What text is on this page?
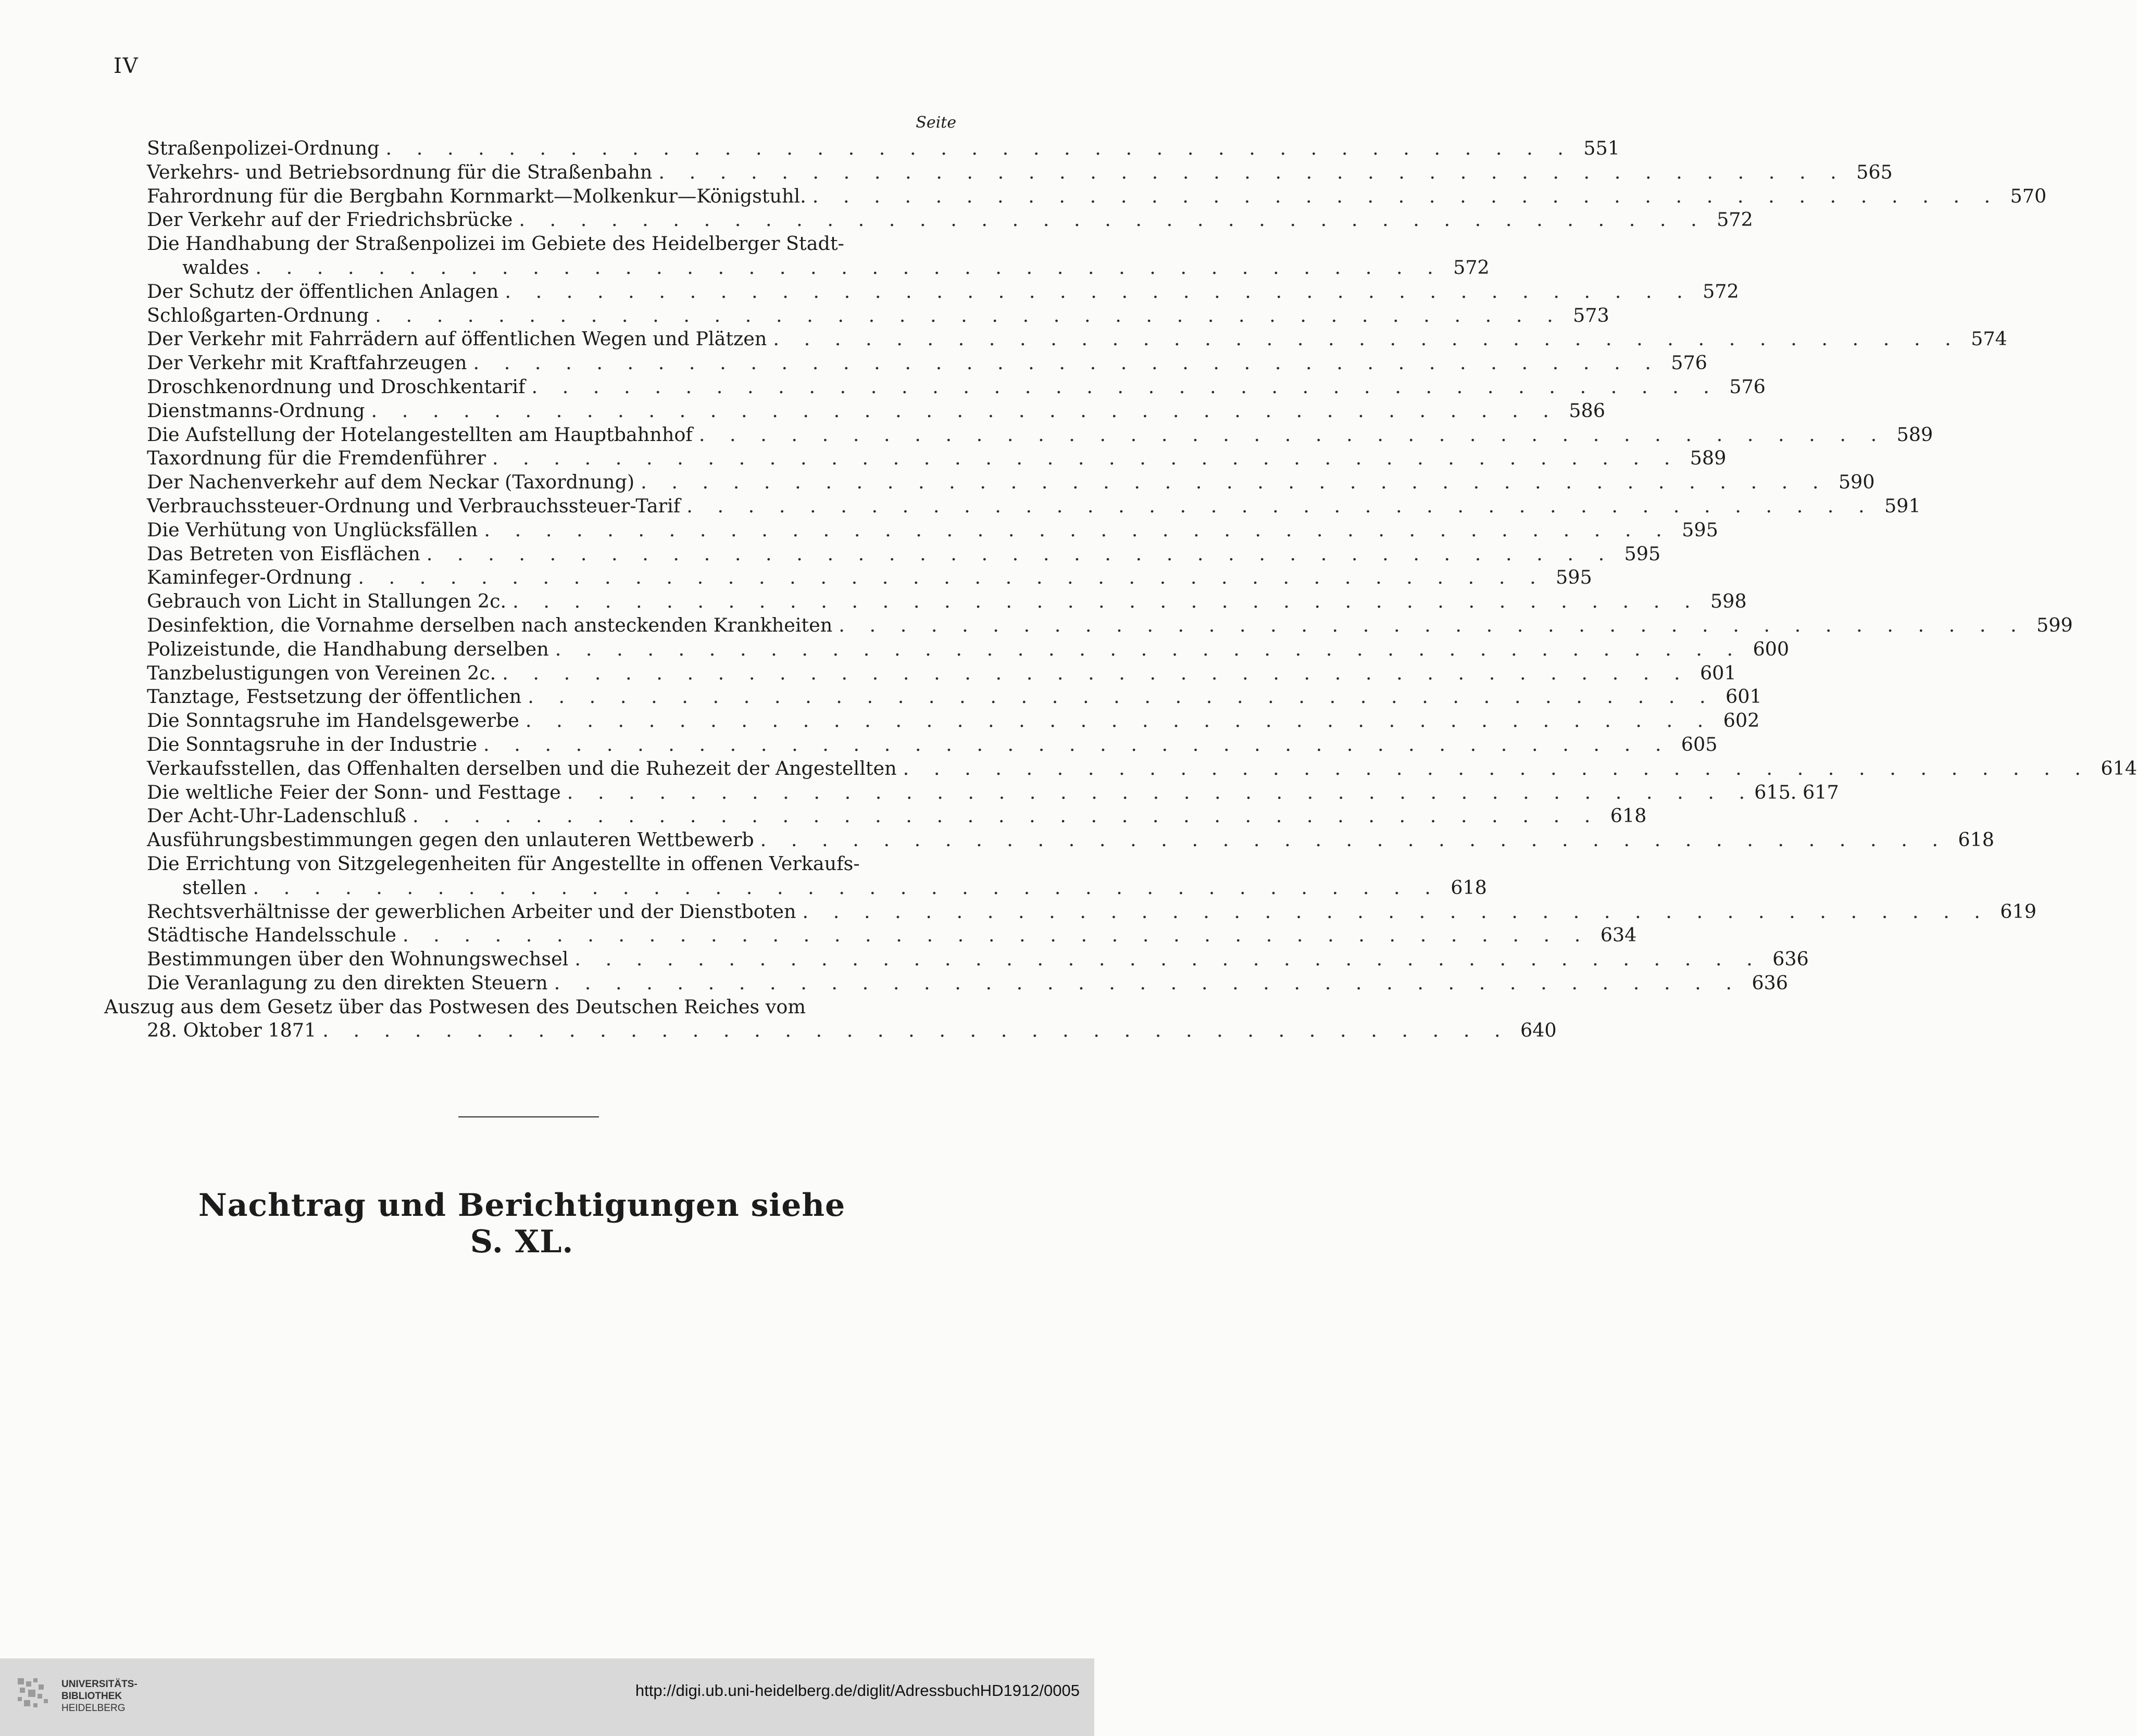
IV
Seite
Straßenpolizei-Ordnung . . . . . . . . . . . . . . . . . . . . . . . . . . . . . . . . . . . . . . . 551
Verkehrs- und Betriebsordnung für die Straßenbahn . . . . . . . . . . . . . . . . . . . . . . . . . . . . . . . . . . . . . . . 565
Fahrordnung für die Bergbahn Kornmarkt—Molkenkur—Königstuhl. . . . . . . . . . . . . . . . . . . . . . . . . . . . . . . . . . . . . . . . 570
Der Verkehr auf der Friedrichsbrücke . . . . . . . . . . . . . . . . . . . . . . . . . . . . . . . . . . . . . . . 572
Die Handhabung der Straßenpolizei im Gebiete des Heidelberger Stadt-
waldes . . . . . . . . . . . . . . . . . . . . . . . . . . . . . . . . . . . . . . . 572
Der Schutz der öffentlichen Anlagen . . . . . . . . . . . . . . . . . . . . . . . . . . . . . . . . . . . . . . . 572
Schloßgarten-Ordnung . . . . . . . . . . . . . . . . . . . . . . . . . . . . . . . . . . . . . . . 573
Der Verkehr mit Fahrrädern auf öffentlichen Wegen und Plätzen . . . . . . . . . . . . . . . . . . . . . . . . . . . . . . . . . . . . . . . 574
Der Verkehr mit Kraftfahrzeugen . . . . . . . . . . . . . . . . . . . . . . . . . . . . . . . . . . . . . . . 576
Droschkenordnung und Droschkentarif . . . . . . . . . . . . . . . . . . . . . . . . . . . . . . . . . . . . . . . 576
Dienstmanns-Ordnung . . . . . . . . . . . . . . . . . . . . . . . . . . . . . . . . . . . . . . . 586
Die Aufstellung der Hotelangestellten am Hauptbahnhof . . . . . . . . . . . . . . . . . . . . . . . . . . . . . . . . . . . . . . . 589
Taxordnung für die Fremdenführer . . . . . . . . . . . . . . . . . . . . . . . . . . . . . . . . . . . . . . . 589
Der Nachenverkehr auf dem Neckar (Taxordnung) . . . . . . . . . . . . . . . . . . . . . . . . . . . . . . . . . . . . . . . 590
Verbrauchssteuer-Ordnung und Verbrauchssteuer-Tarif . . . . . . . . . . . . . . . . . . . . . . . . . . . . . . . . . . . . . . . 591
Die Verhütung von Unglücksfällen . . . . . . . . . . . . . . . . . . . . . . . . . . . . . . . . . . . . . . . 595
Das Betreten von Eisflächen . . . . . . . . . . . . . . . . . . . . . . . . . . . . . . . . . . . . . . . 595
Kaminfeger-Ordnung . . . . . . . . . . . . . . . . . . . . . . . . . . . . . . . . . . . . . . . 595
Gebrauch von Licht in Stallungen 2c. . . . . . . . . . . . . . . . . . . . . . . . . . . . . . . . . . . . . . . . 598
Desinfektion, die Vornahme derselben nach ansteckenden Krankheiten . . . . . . . . . . . . . . . . . . . . . . . . . . . . . . . . . . . . . . . 599
Polizeistunde, die Handhabung derselben . . . . . . . . . . . . . . . . . . . . . . . . . . . . . . . . . . . . . . . 600
Tanzbelustigungen von Vereinen 2c. . . . . . . . . . . . . . . . . . . . . . . . . . . . . . . . . . . . . . . . 601
Tanztage, Festsetzung der öffentlichen . . . . . . . . . . . . . . . . . . . . . . . . . . . . . . . . . . . . . . . 601
Die Sonntagsruhe im Handelsgewerbe . . . . . . . . . . . . . . . . . . . . . . . . . . . . . . . . . . . . . . . 602
Die Sonntagsruhe in der Industrie . . . . . . . . . . . . . . . . . . . . . . . . . . . . . . . . . . . . . . . 605
Verkaufsstellen, das Offenhalten derselben und die Ruhezeit der Angestellten . . . . . . . . . . . . . . . . . . . . . . . . . . . . . . . . . . . . . . . 614
Die weltliche Feier der Sonn- und Festtage . . . . . . . . . . . . . . . . . . . . . . . . . . . . . . . . . . . . . . . 615. 617
Der Acht-Uhr-Ladenschluß . . . . . . . . . . . . . . . . . . . . . . . . . . . . . . . . . . . . . . . 618
Ausführungsbestimmungen gegen den unlauteren Wettbewerb . . . . . . . . . . . . . . . . . . . . . . . . . . . . . . . . . . . . . . . 618
Die Errichtung von Sitzgelegenheiten für Angestellte in offenen Verkaufs-
stellen . . . . . . . . . . . . . . . . . . . . . . . . . . . . . . . . . . . . . . . 618
Rechtsverhältnisse der gewerblichen Arbeiter und der Dienstboten . . . . . . . . . . . . . . . . . . . . . . . . . . . . . . . . . . . . . . . 619
Städtische Handelsschule . . . . . . . . . . . . . . . . . . . . . . . . . . . . . . . . . . . . . . . 634
Bestimmungen über den Wohnungswechsel . . . . . . . . . . . . . . . . . . . . . . . . . . . . . . . . . . . . . . . 636
Die Veranlagung zu den direkten Steuern . . . . . . . . . . . . . . . . . . . . . . . . . . . . . . . . . . . . . . . 636
Auszug aus dem Gesetz über das Postwesen des Deutschen Reiches vom
28. Oktober 1871 . . . . . . . . . . . . . . . . . . . . . . . . . . . . . . . . . . . . . . . 640
Nachtrag und Berichtigungen siehe S. XL.
UNIVERSITÄTS-
BIBLIOTHEK
HEIDELBERG
http://digi.ub.uni-heidelberg.de/diglit/AdressbuchHD1912/0005
